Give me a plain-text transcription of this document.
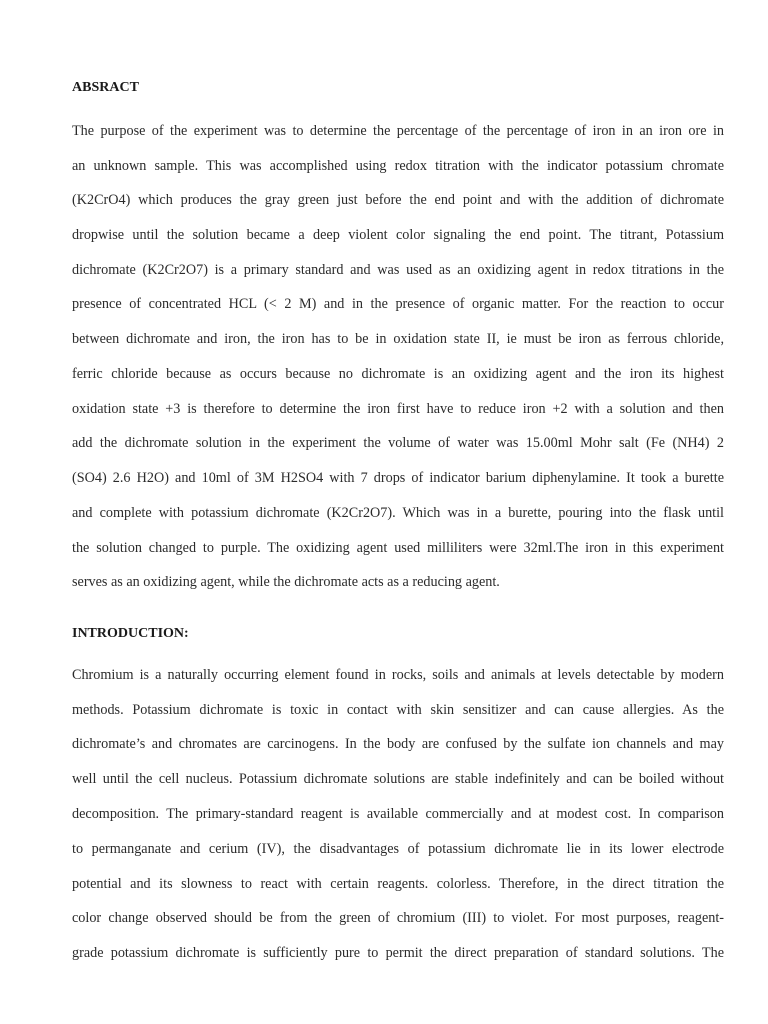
ABSRACT
The purpose of the experiment was to determine the percentage of the percentage of iron in an iron ore in
an unknown sample. This was accomplished using redox titration with the indicator potassium chromate
(K2CrO4) which produces the gray green just before the end point and with the addition of dichromate
dropwise until the solution became a deep violent color signaling the end point. The titrant, Potassium
dichromate (K2Cr2O7) is a primary standard and was used as an oxidizing agent in redox titrations in the
presence of concentrated HCL (< 2 M) and in the presence of organic matter. For the reaction to occur
between dichromate and iron, the iron has to be in oxidation state II, ie must be iron as ferrous chloride,
ferric chloride because as occurs because no dichromate is an oxidizing agent and the iron its highest
oxidation state +3 is therefore to determine the iron first have to reduce iron +2 with a solution and then
add the dichromate solution in the experiment the volume of water was 15.00ml Mohr salt (Fe (NH4) 2
(SO4) 2.6 H2O) and 10ml of 3M H2SO4 with 7 drops of indicator barium diphenylamine. It took a burette
and complete with potassium dichromate (K2Cr2O7). Which was in a burette, pouring into the flask until
the solution changed to purple. The oxidizing agent used milliliters were 32ml.The iron in this experiment
serves as an oxidizing agent, while the dichromate acts as a reducing agent.
INTRODUCTION:
Chromium is a naturally occurring element found in rocks, soils and animals at levels detectable by modern
methods. Potassium dichromate is toxic in contact with skin sensitizer and can cause allergies. As the
dichromate’s and chromates are carcinogens. In the body are confused by the sulfate ion channels and may
well until the cell nucleus. Potassium dichromate solutions are stable indefinitely and can be boiled without
decomposition. The primary-standard reagent is available commercially and at modest cost. In comparison
to permanganate and cerium (IV), the disadvantages of potassium dichromate lie in its lower electrode
potential and its slowness to react with certain reagents. colorless. Therefore, in the direct titration the
color change observed should be from the green of chromium (III) to violet. For most purposes, reagent-
grade potassium dichromate is sufficiently pure to permit the direct preparation of standard solutions. The
